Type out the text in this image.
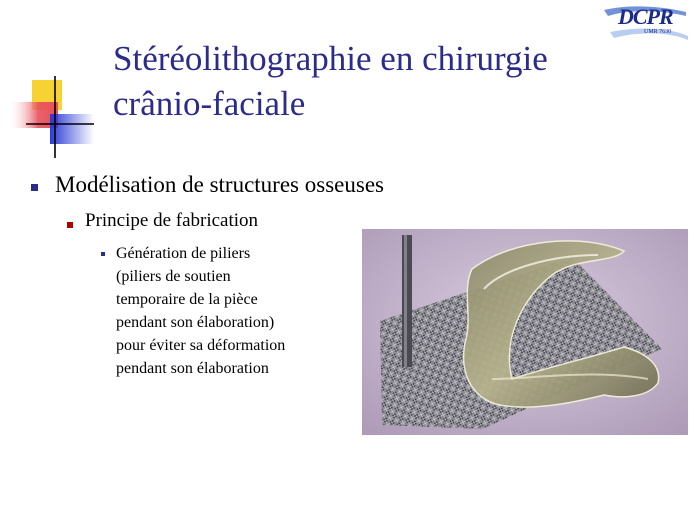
Stéréolithographie en chirurgie
crânio-faciale
DCPR
UMR 7630
Modélisation de structures osseuses
Principe de fabrication
Génération de piliers
(piliers de soutien
temporaire de la pièce
pendant son élaboration)
pour éviter sa déformation
pendant son élaboration
